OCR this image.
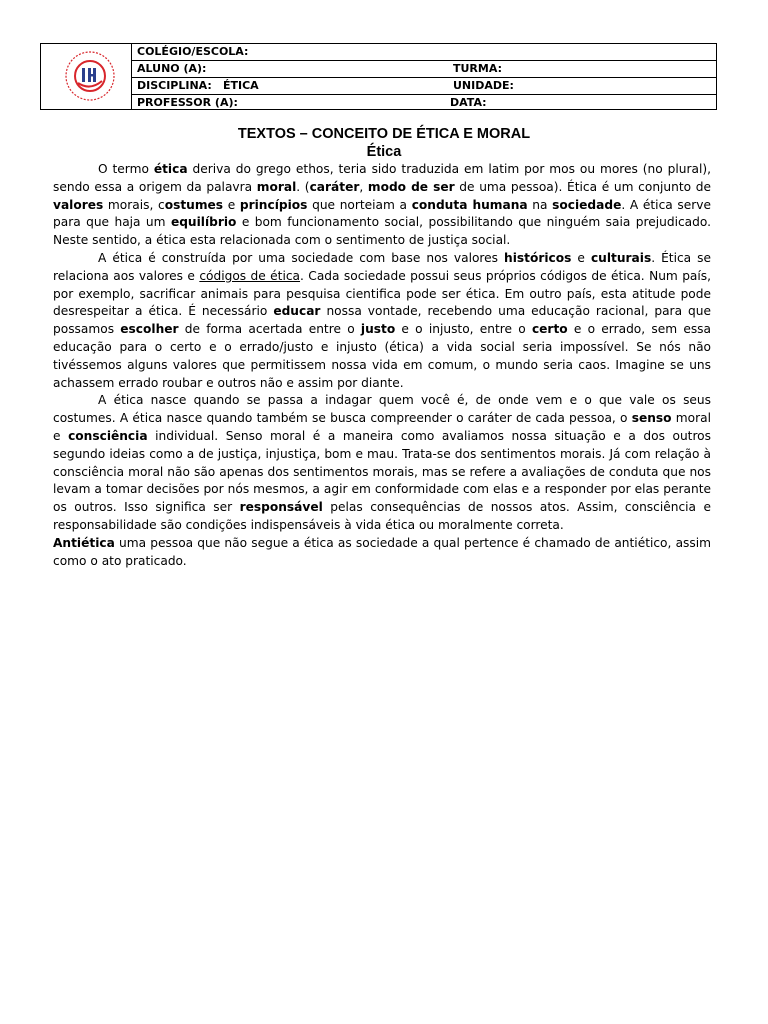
COLÉGIO/ESCOLA:
ALUNO (A):	TURMA:
DISCIPLINA: ÉTICA	UNIDADE:
PROFESSOR (A):	DATA:
TEXTOS – CONCEITO DE ÉTICA E MORAL
Ética

O termo ética deriva do grego ethos, teria sido traduzida em latim por mos ou mores (no plural), sendo essa a origem da palavra moral. (caráter, modo de ser de uma pessoa). Ética é um conjunto de valores morais, costumes e princípios que norteiam a conduta humana na sociedade. A ética serve para que haja um equilíbrio e bom funcionamento social, possibilitando que ninguém saia prejudicado. Neste sentido, a ética esta relacionada com o sentimento de justiça social.

A ética é construída por uma sociedade com base nos valores históricos e culturais. Ética se relaciona aos valores e códigos de ética. Cada sociedade possui seus próprios códigos de ética. Num país, por exemplo, sacrificar animais para pesquisa cientifica pode ser ética. Em outro país, esta atitude pode desrespeitar a ética. É necessário educar nossa vontade, recebendo uma educação racional, para que possamos escolher de forma acertada entre o justo e o injusto, entre o certo e o errado, sem essa educação para o certo e o errado/justo e injusto (ética) a vida social seria impossível. Se nós não tivéssemos alguns valores que permitissem nossa vida em comum, o mundo seria caos. Imagine se uns achassem errado roubar e outros não e assim por diante.

A ética nasce quando se passa a indagar quem você é, de onde vem e o que vale os seus costumes. A ética nasce quando também se busca compreender o caráter de cada pessoa, o senso moral e consciência individual. Senso moral é a maneira como avaliamos nossa situação e a dos outros segundo ideias como a de justiça, injustiça, bom e mau. Trata-se dos sentimentos morais. Já com relação à consciência moral não são apenas dos sentimentos morais, mas se refere a avaliações de conduta que nos levam a tomar decisões por nós mesmos, a agir em conformidade com elas e a responder por elas perante os outros. Isso significa ser responsável pelas consequências de nossos atos. Assim, consciência e responsabilidade são condições indispensáveis à vida ética ou moralmente correta.

Antiética uma pessoa que não segue a ética as sociedade a qual pertence é chamado de antiético, assim como o ato praticado.
